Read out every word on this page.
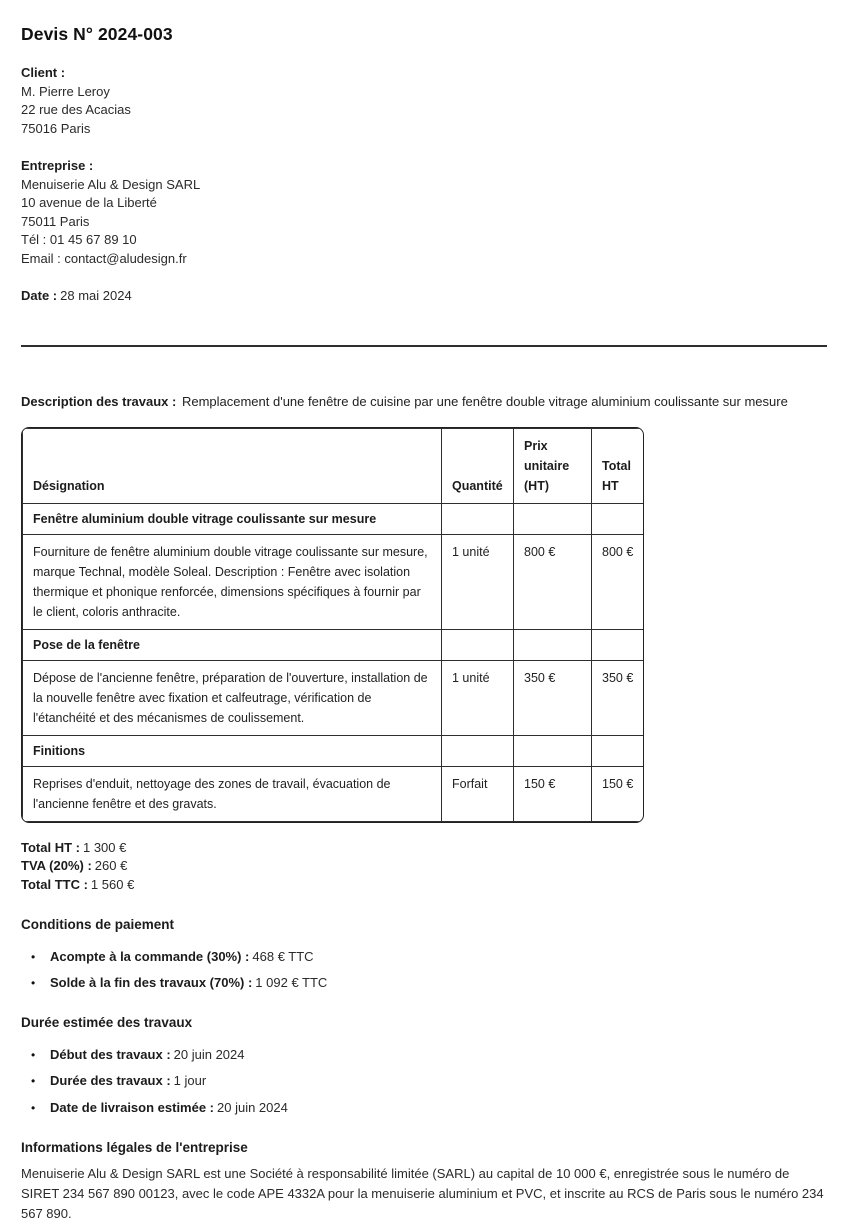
Devis N° 2024-003
Client :
M. Pierre Leroy
22 rue des Acacias
75016 Paris
Entreprise :
Menuiserie Alu & Design SARL
10 avenue de la Liberté
75011 Paris
Tél : 01 45 67 89 10
Email : contact@aludesign.fr
Date : 28 mai 2024

Description des travaux : Remplacement d'une fenêtre de cuisine par une fenêtre double vitrage aluminium coulissante sur mesure

Désignation	Quantité	Prix unitaire (HT)	Total HT
Fenêtre aluminium double vitrage coulissante sur mesure			
Fourniture de fenêtre aluminium double vitrage coulissante sur mesure, marque Technal, modèle Soleal. Description : Fenêtre avec isolation thermique et phonique renforcée, dimensions spécifiques à fournir par le client, coloris anthracite.	1 unité	800 €	800 €
Pose de la fenêtre			
Dépose de l'ancienne fenêtre, préparation de l'ouverture, installation de la nouvelle fenêtre avec fixation et calfeutrage, vérification de l'étanchéité et des mécanismes de coulissement.	1 unité	350 €	350 €
Finitions			
Reprises d'enduit, nettoyage des zones de travail, évacuation de l'ancienne fenêtre et des gravats.	Forfait	150 €	150 €
Total HT : 1 300 €
TVA (20%) : 260 €
Total TTC : 1 560 €
Conditions de paiement
• Acompte à la commande (30%) : 468 € TTC
• Solde à la fin des travaux (70%) : 1 092 € TTC
Durée estimée des travaux
• Début des travaux : 20 juin 2024
• Durée des travaux : 1 jour
• Date de livraison estimée : 20 juin 2024
Informations légales de l'entreprise

Menuiserie Alu & Design SARL est une Société à responsabilité limitée (SARL) au capital de 10 000 €, enregistrée sous le numéro de SIRET 234 567 890 00123, avec le code APE 4332A pour la menuiserie aluminium et PVC, et inscrite au RCS de Paris sous le numéro 234 567 890.
